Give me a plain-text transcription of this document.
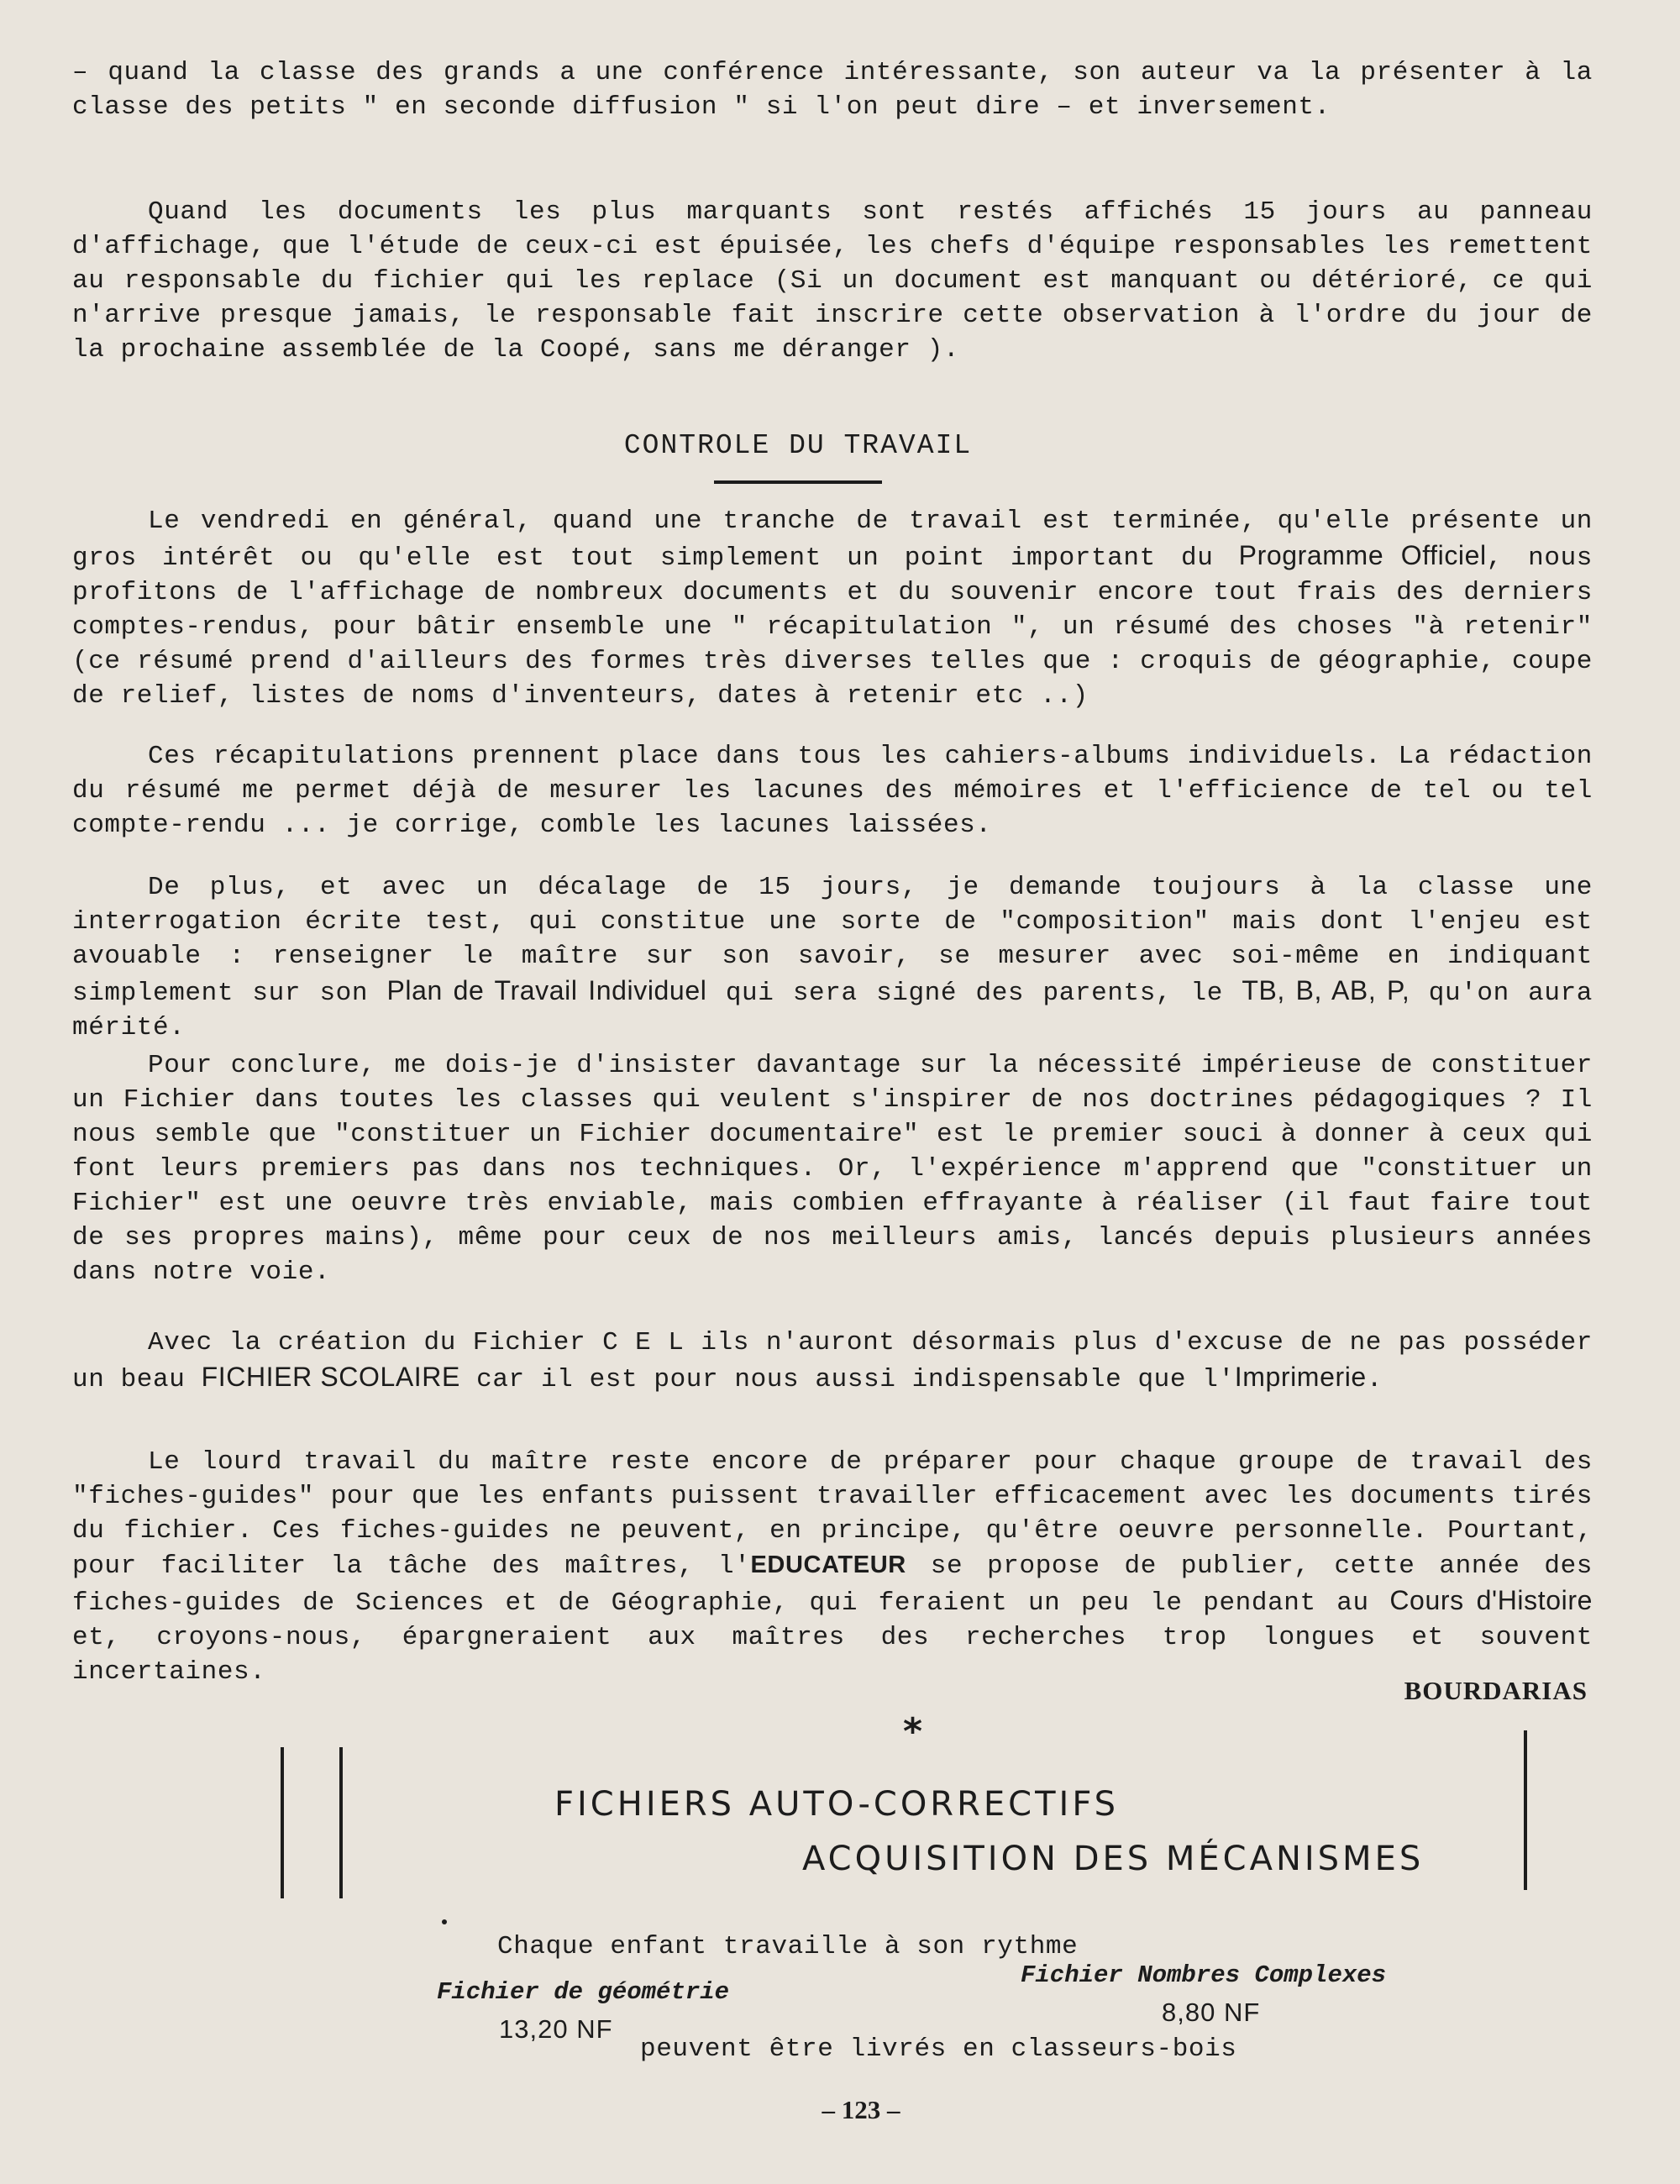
– quand la classe des grands a une conférence intéressante, son auteur va la présenter à la classe des petits " en seconde diffusion " si l'on peut dire – et inversement.

Quand les documents les plus marquants sont restés affichés 15 jours au panneau d'affichage, que l'étude de ceux-ci est épuisée, les chefs d'équipe responsables les remettent au responsable du fichier qui les replace (Si un document est manquant ou détérioré, ce qui n'arrive presque jamais, le responsable fait inscrire cette observation à l'ordre du jour de la prochaine assemblée de la Coopé, sans me déranger ).

CONTROLE DU TRAVAIL

Le vendredi en général, quand une tranche de travail est terminée, qu'elle présente un gros intérêt ou qu'elle est tout simplement un point important du Programme Officiel, nous profitons de l'affichage de nombreux documents et du souvenir encore tout frais des derniers comptes-rendus, pour bâtir ensemble une " récapitulation ", un résumé des choses "à retenir" (ce résumé prend d'ailleurs des formes très diverses telles que : croquis de géographie, coupe de relief, listes de noms d'inventeurs, dates à retenir etc ..)

Ces récapitulations prennent place dans tous les cahiers-albums individuels. La rédaction du résumé me permet déjà de mesurer les lacunes des mémoires et l'efficience de tel ou tel compte-rendu ... je corrige, comble les lacunes laissées.

De plus, et avec un décalage de 15 jours, je demande toujours à la classe une interrogation écrite test, qui constitue une sorte de "composition" mais dont l'enjeu est avouable : renseigner le maître sur son savoir, se mesurer avec soi-même en indiquant simplement sur son Plan de Travail Individuel qui sera signé des parents, le TB, B, AB, P, qu'on aura mérité.

Pour conclure, me dois-je d'insister davantage sur la nécessité impérieuse de constituer un Fichier dans toutes les classes qui veulent s'inspirer de nos doctrines pédagogiques ? Il nous semble que "constituer un Fichier documentaire" est le premier souci à donner à ceux qui font leurs premiers pas dans nos techniques. Or, l'expérience m'apprend que "constituer un Fichier" est une oeuvre très enviable, mais combien effrayante à réaliser (il faut faire tout de ses propres mains), même pour ceux de nos meilleurs amis, lancés depuis plusieurs années dans notre voie.

Avec la création du Fichier C E L ils n'auront désormais plus d'excuse de ne pas posséder un beau FICHIER SCOLAIRE car il est pour nous aussi indispensable que l'Imprimerie.

Le lourd travail du maître reste encore de préparer pour chaque groupe de travail des "fiches-guides" pour que les enfants puissent travailler efficacement avec les documents tirés du fichier. Ces fiches-guides ne peuvent, en principe, qu'être oeuvre personnelle. Pourtant, pour faciliter la tâche des maîtres, l'EDUCATEUR se propose de publier, cette année des fiches-guides de Sciences et de Géographie, qui feraient un peu le pendant au Cours d'Histoire et, croyons-nous, épargneraient aux maîtres des recherches trop longues et souvent incertaines.

BOURDARIAS
*
FICHIERS AUTO-CORRECTIFS
ACQUISITION DES MÉCANISMES
Chaque enfant travaille à son rythme
Fichier de géométrie
13,20 NF
Fichier Nombres Complexes
8,80 NF
peuvent être livrés en classeurs-bois
– 123 –
